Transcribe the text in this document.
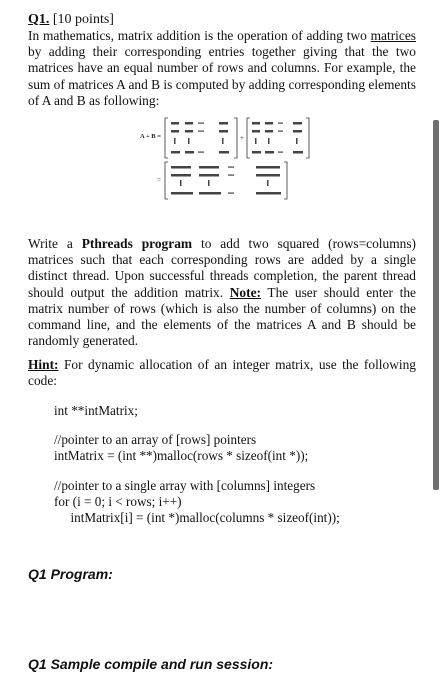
Q1. [10 points]
In mathematics, matrix addition is the operation of adding two matrices by adding their corresponding entries together giving that the two matrices have an equal number of rows and columns. For example, the sum of matrices A and B is computed by adding corresponding elements of A and B as following:
A + B =	+
=
Write a Pthreads program to add two squared (rows=columns) matrices such that each corresponding rows are added by a single distinct thread. Upon successful threads completion, the parent thread should output the addition matrix. Note: The user should enter the matrix number of rows (which is also the number of columns) on the command line, and the elements of the matrices A and B should be randomly generated.
Hint: For dynamic allocation of an integer matrix, use the following code:
int **intMatrix;
//pointer to an array of [rows] pointers
intMatrix = (int **)malloc(rows * sizeof(int *));
//pointer to a single array with [columns] integers
for (i = 0; i < rows; i++)
intMatrix[i] = (int *)malloc(columns * sizeof(int));
Q1 Program:
Q1 Sample compile and run session:
